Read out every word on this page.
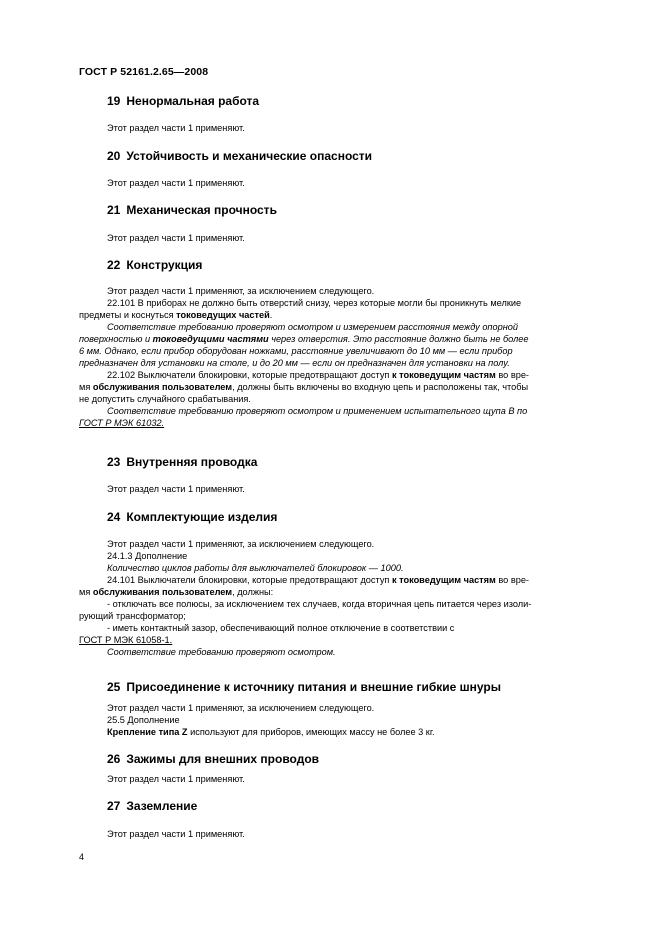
ГОСТ Р 52161.2.65—2008
19 Ненормальная работа
Этот раздел части 1 применяют.
20 Устойчивость и механические опасности
Этот раздел части 1 применяют.
21 Механическая прочность
Этот раздел части 1 применяют.
22 Конструкция
Этот раздел части 1 применяют, за исключением следующего.
22.101 В приборах не должно быть отверстий снизу, через которые могли бы проникнуть мелкие
предметы и коснуться токоведущих частей.
Соответствие требованию проверяют осмотром и измерением расстояния между опорной
поверхностью и токоведущими частями через отверстия. Это расстояние должно быть не более
6 мм. Однако, если прибор оборудован ножками, расстояние увеличивают до 10 мм — если прибор
предназначен для установки на столе, и до 20 мм — если он предназначен для установки на полу.
22.102 Выключатели блокировки, которые предотвращают доступ к токоведущим частям во вре-
мя обслуживания пользователем, должны быть включены во входную цепь и расположены так, чтобы
не допустить случайного срабатывания.
Соответствие требованию проверяют осмотром и применением испытательного щупа В по
ГОСТ Р МЭК 61032.
23 Внутренняя проводка
Этот раздел части 1 применяют.
24 Комплектующие изделия
Этот раздел части 1 применяют, за исключением следующего.
24.1.3 Дополнение
Количество циклов работы для выключателей блокировок — 1000.
24.101 Выключатели блокировки, которые предотвращают доступ к токоведущим частям во вре-
мя обслуживания пользователем, должны:
- отключать все полюсы, за исключением тех случаев, когда вторичная цепь питается через изоли-
рующий трансформатор;
- иметь контактный зазор, обеспечивающий полное отключение в соответствии с
ГОСТ Р МЭК 61058-1.
Соответствие требованию проверяют осмотром.
25 Присоединение к источнику питания и внешние гибкие шнуры
Этот раздел части 1 применяют, за исключением следующего.
25.5 Дополнение
Крепление типа Z используют для приборов, имеющих массу не более 3 кг.
26 Зажимы для внешних проводов
Этот раздел части 1 применяют.
27 Заземление
Этот раздел части 1 применяют.
4
